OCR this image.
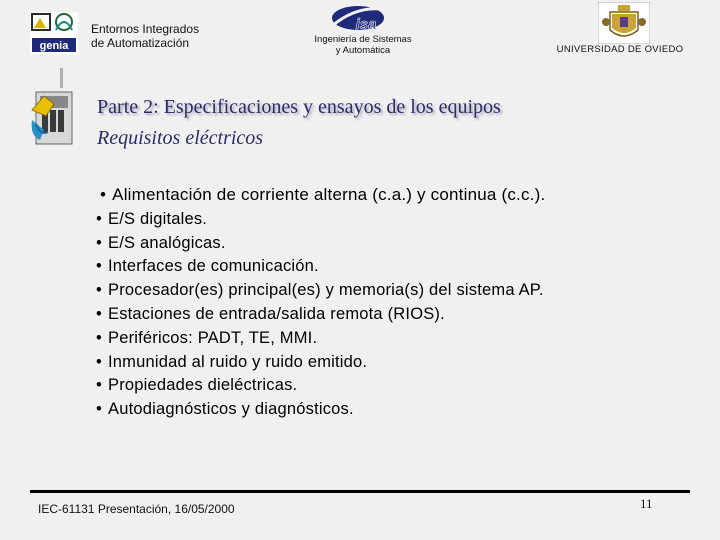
genia
Entornos Integrados
de Automatización
isa
Ingeniería de Sistemas
y Automática	UNIVERSIDAD DE OVIEDO
Parte 2: Especificaciones y ensayos de los equipos
Requisitos eléctricos
• Alimentación de corriente alterna (c.a.) y continua (c.c.).
• E/S digitales.
• E/S analógicas.
• Interfaces de comunicación.
• Procesador(es) principal(es) y memoria(s) del sistema AP.
• Estaciones de entrada/salida remota (RIOS).
• Periféricos: PADT, TE, MMI.
• Inmunidad al ruido y ruido emitido.
• Propiedades dieléctricas.
• Autodiagnósticos y diagnósticos.
IEC-61131 Presentación, 16/05/2000	11
